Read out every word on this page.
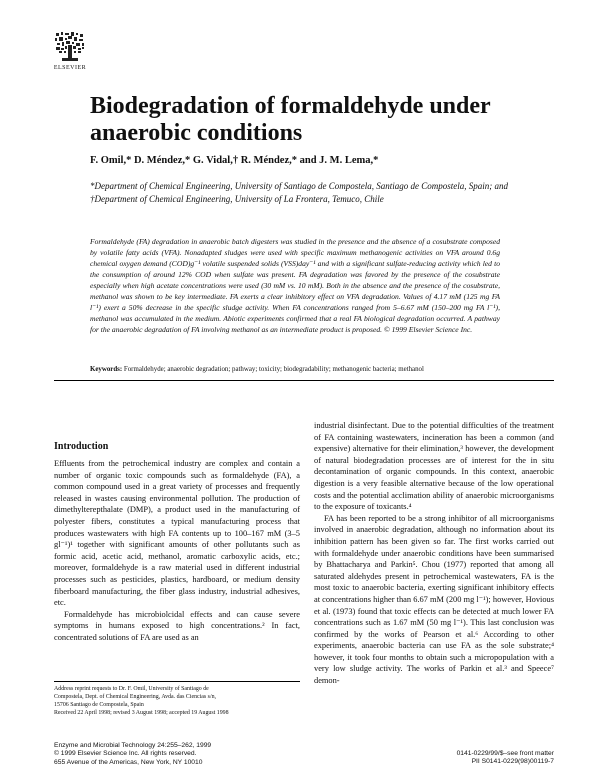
ELSEVIER
Biodegradation of formaldehyde under anaerobic conditions

F. Omil,* D. Méndez,* G. Vidal,† R. Méndez,* and J. M. Lema,*

*Department of Chemical Engineering, University of Santiago de Compostela, Santiago de Compostela, Spain; and †Department of Chemical Engineering, University of La Frontera, Temuco, Chile

Formaldehyde (FA) degradation in anaerobic batch digesters was studied in the presence and the absence of a cosubstrate composed by volatile fatty acids (VFA). Nonadapted sludges were used with specific maximum methanogenic activities on VFA around 0.6g chemical oxygen demand (COD)g⁻¹ volatile suspended solids (VSS)day⁻¹ and with a significant sulfate-reducing activity which led to the consumption of around 12% COD when sulfate was present. FA degradation was favored by the presence of the cosubstrate especially when high acetate concentrations were used (30 mM vs. 10 mM). Both in the absence and the presence of the cosubstrate, methanol was shown to be key intermediate. FA exerts a clear inhibitory effect on VFA degradation. Values of 4.17 mM (125 mg FA l⁻¹) exert a 50% decrease in the specific sludge activity. When FA concentrations ranged from 5–6.67 mM (150–200 mg FA l⁻¹), methanol was accumulated in the medium. Abiotic experiments confirmed that a real FA biological degradation occurred. A pathway for the anaerobic degradation of FA involving methanol as an intermediate product is proposed. © 1999 Elsevier Science Inc.

Keywords: Formaldehyde; anaerobic degradation; pathway; toxicity; biodegradability; methanogenic bacteria; methanol

Introduction

Effluents from the petrochemical industry are complex and contain a number of organic toxic compounds such as formaldehyde (FA), a common compound used in a great variety of processes and frequently released in wastes causing environmental pollution. The production of dimethylterepthalate (DMP), a product used in the manufacturing of polyester fibers, constitutes a typical manufacturing process that produces wastewaters with high FA contents up to 100–167 mM (3–5 gl⁻¹)¹ together with significant amounts of other pollutants such as formic acid, acetic acid, methanol, aromatic carboxylic acids, etc.; moreover, formaldehyde is a raw material used in different industrial processes such as pesticides, plastics, hardboard, or medium density fiberboard manufacturing, the fiber glass industry, industrial adhesives, etc.

Formaldehyde has microbiolcidal effects and can cause severe symptoms in humans exposed to high concentrations.² In fact, concentrated solutions of FA are used as an

industrial disinfectant. Due to the potential difficulties of the treatment of FA containing wastewaters, incineration has been a common (and expensive) alternative for their elimination,³ however, the development of natural biodegradation processes are of interest for the in situ decontamination of organic compounds. In this context, anaerobic digestion is a very feasible alternative because of the low operational costs and the potential acclimation ability of anaerobic microorganisms to the exposure of toxicants.⁴

FA has been reported to be a strong inhibitor of all microorganisms involved in anaerobic degradation, although no information about its inhibition pattern has been given so far. The first works carried out with formaldehyde under anaerobic conditions have been summarised by Bhattacharya and Parkin⁵. Chou (1977) reported that among all saturated aldehydes present in petrochemical wastewaters, FA is the most toxic to anaerobic bacteria, exerting significant inhibitory effects at concentrations higher than 6.67 mM (200 mg l⁻¹); however, Hovious et al. (1973) found that toxic effects can be detected at much lower FA concentrations such as 1.67 mM (50 mg l⁻¹). This last conclusion was confirmed by the works of Pearson et al.⁶ According to other experiments, anaerobic bacteria can use FA as the sole substrate;⁴ however, it took four months to obtain such a micropopulation with a very low sludge activity. The works of Parkin et al.³ and Speece⁷ demon-

Address reprint requests to Dr. F. Omil, University of Santiago de
Compostela, Dept. of Chemical Engineering, Avda. das Ciencias s/n,
15706 Santiago de Compostela, Spain
Received 22 April 1998; revised 3 August 1998; accepted 19 August 1998

Enzyme and Microbial Technology 24:255–262, 1999
© 1999 Elsevier Science Inc. All rights reserved.
655 Avenue of the Americas, New York, NY 10010

0141-0229/99/$–see front matter
PII S0141-0229(98)00119-7
